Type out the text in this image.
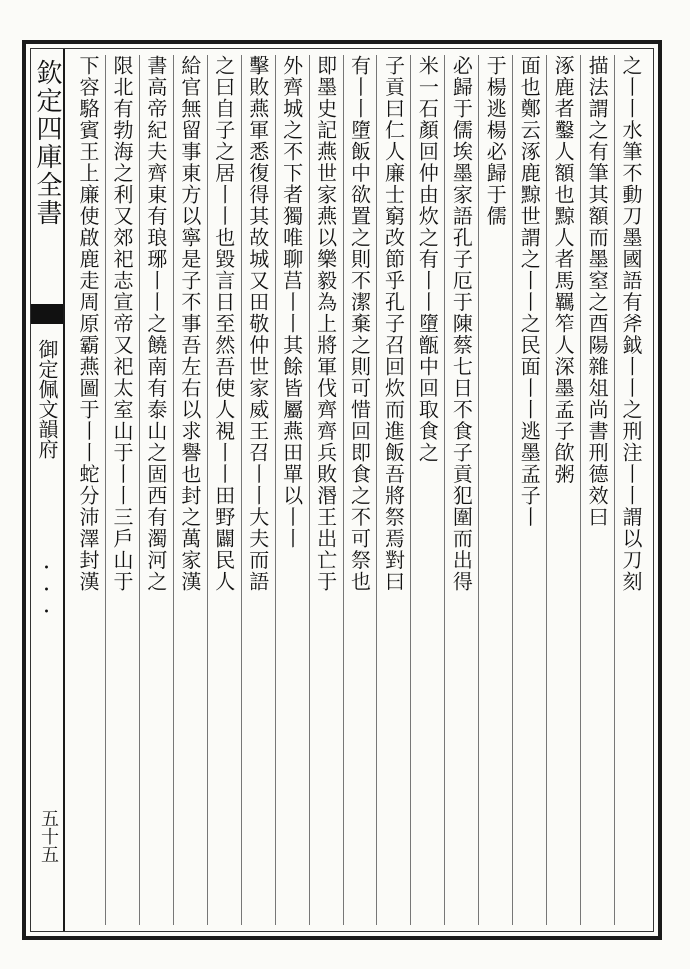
欽定四庫全書
御定佩文韻府
・・・
五十五
之丨丨水筆不動刀墨國語有斧鉞丨丨之刑注丨丨謂以刀刻
描法謂之有筆其額而墨窒之酉陽雜俎尚書刑德效曰
涿鹿者鑿人額也黥人者馬羈笮人深墨孟子欿粥
面也鄭云涿鹿黥世謂之丨丨之民面丨丨逃墨孟子丨
于楊逃楊必歸于儒
必歸于儒埃墨家語孔子厄于陳蔡七日不食子貢犯圍而出得
米一石顏回仲由炊之有丨丨墮甑中回取食之
子貢曰仁人廉士窮改節乎孔子召回炊而進飯吾將祭焉對曰
有丨丨墮飯中欲置之則不潔棄之則可惜回即食之不可祭也
即墨史記燕世家燕以樂毅為上將軍伐齊齊兵敗湣王出亡于
外齊城之不下者獨唯聊莒丨丨其餘皆屬燕田單以丨丨
擊敗燕軍悉復得其故城又田敬仲世家威王召丨丨大夫而語
之曰自子之居丨丨也毀言日至然吾使人視丨丨田野闢民人
給官無留事東方以寧是子不事吾左右以求譽也封之萬家漢
書高帝紀夫齊東有琅琊丨丨之饒南有泰山之固西有濁河之
限北有勃海之利又郊祀志宣帝又祀太室山于丨丨三戶山于
下容駱賓王上廉使啟鹿走周原霸燕圖于丨丨蛇分沛澤封漢
